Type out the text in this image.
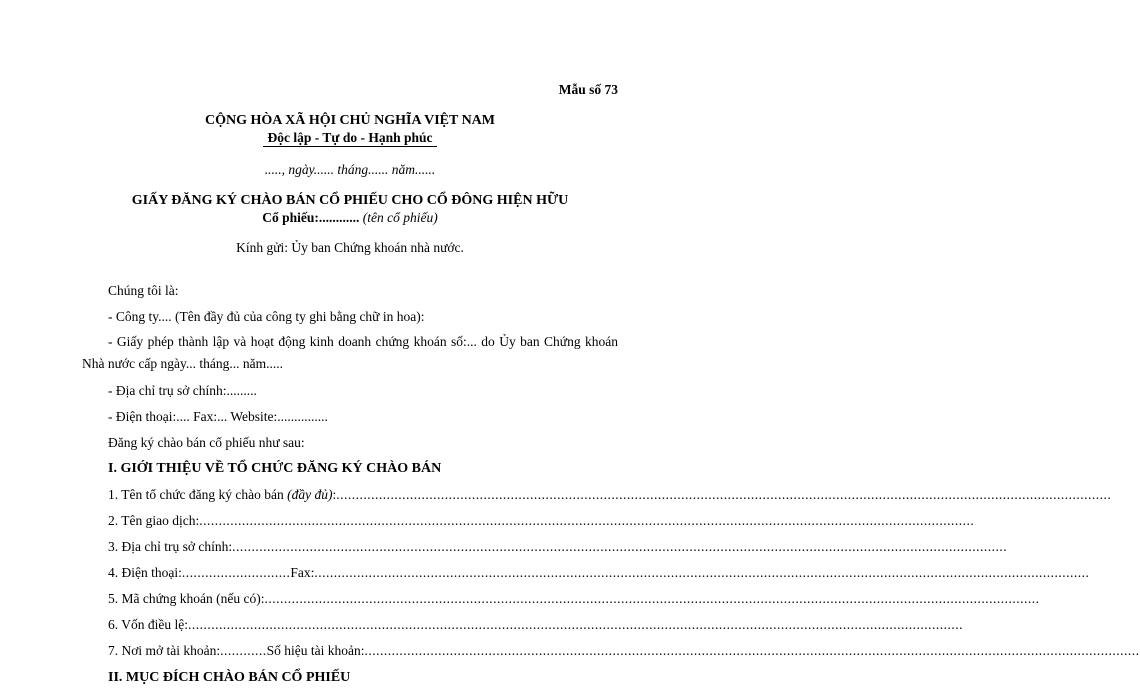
Mẫu số 73
CỘNG HÒA XÃ HỘI CHỦ NGHĨA VIỆT NAM
Độc lập - Tự do - Hạnh phúc
....., ngày...... tháng...... năm......
GIẤY ĐĂNG KÝ CHÀO BÁN CỔ PHIẾU CHO CỔ ĐÔNG HIỆN HỮU
Cổ phiếu:............ (tên cổ phiếu)
Kính gửi: Ủy ban Chứng khoán nhà nước.
Chúng tôi là:
- Công ty.... (Tên đầy đủ của công ty ghi bằng chữ in hoa):
- Giấy phép thành lập và hoạt động kinh doanh chứng khoán số:... do Ủy ban Chứng khoán Nhà nước cấp ngày... tháng... năm.....
- Địa chỉ trụ sở chính:.........
- Điện thoại:.... Fax:... Website:...............
Đăng ký chào bán cổ phiếu như sau:
I. GIỚI THIỆU VỀ TỔ CHỨC ĐĂNG KÝ CHÀO BÁN
1. Tên tổ chức đăng ký chào bán (đầy đủ): ........................................................................................................................................................................................................
2. Tên giao dịch: ........................................................................................................................................................................................................
3. Địa chỉ trụ sở chính: ........................................................................................................................................................................................................
4. Điện thoại: ............................ Fax: ........................................................................................................................................................................................................
5. Mã chứng khoán (nếu có): ........................................................................................................................................................................................................
6. Vốn điều lệ: ........................................................................................................................................................................................................
7. Nơi mở tài khoản: ............ Số hiệu tài khoản: ........................................................................................................................................................................................................
II. MỤC ĐÍCH CHÀO BÁN CỔ PHIẾU
